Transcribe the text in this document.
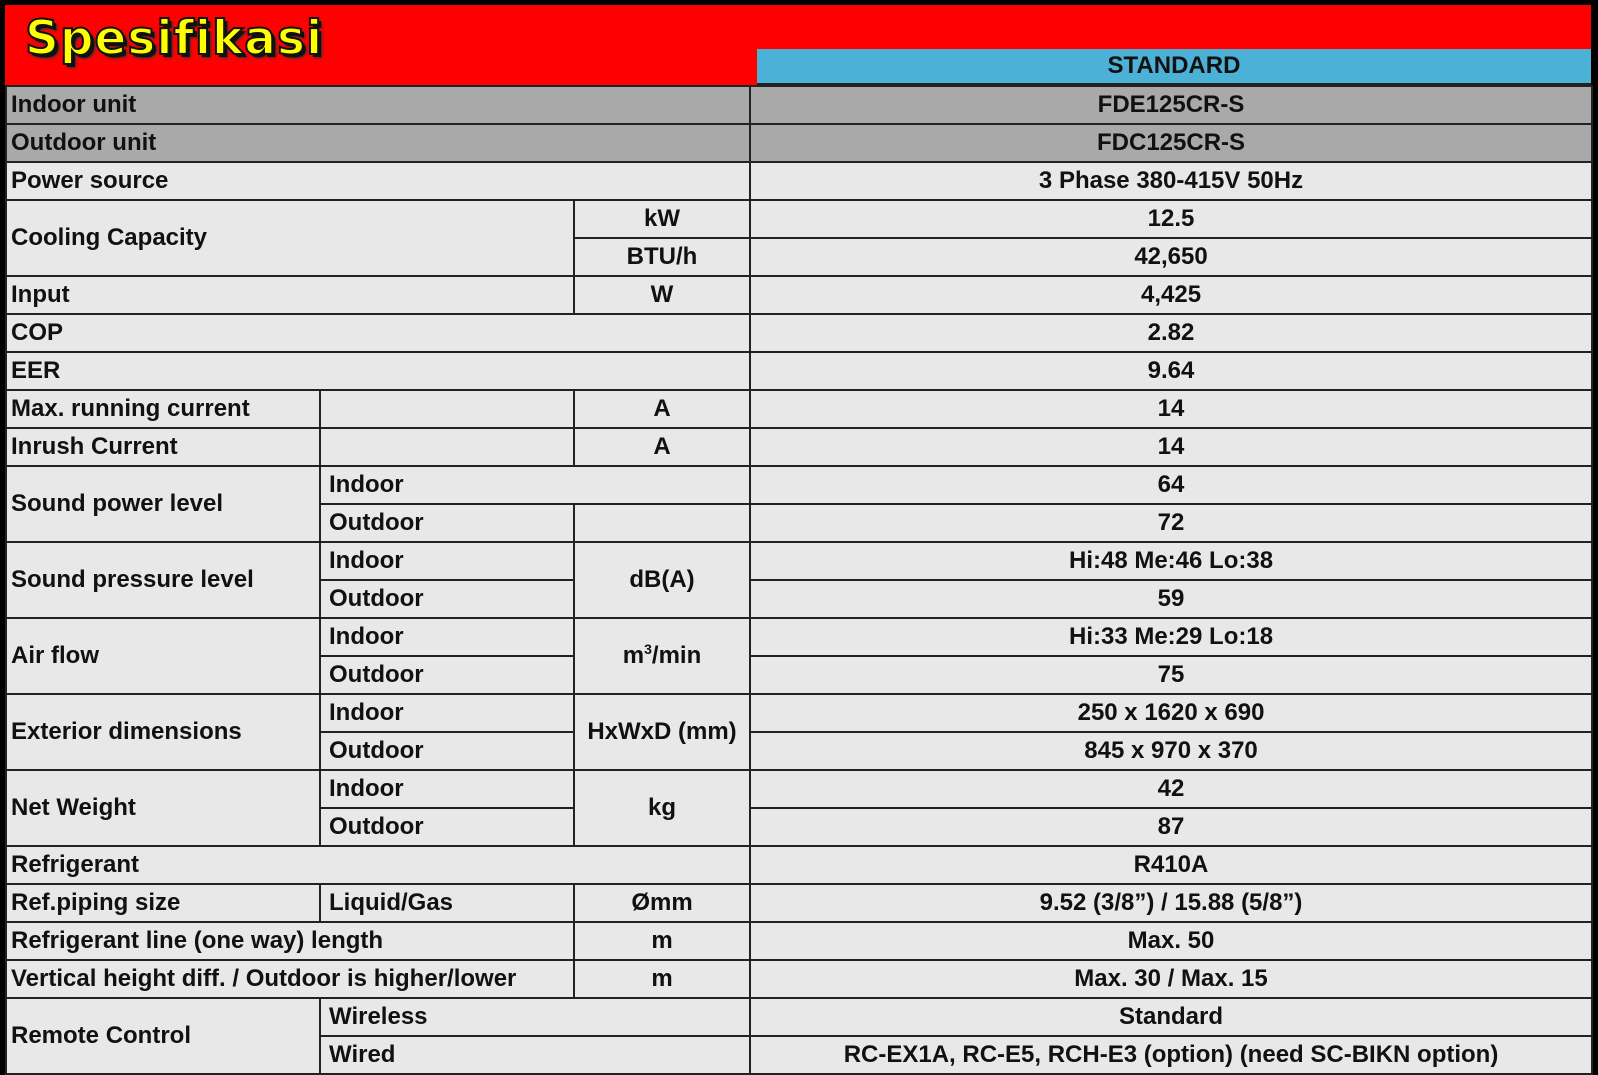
Spesifikasi	STANDARD
Indoor unit			FDE125CR-S
Outdoor unit			FDC125CR-S
Power source			3 Phase 380-415V 50Hz
Cooling Capacity		kW	12.5
		BTU/h	42,650
Input		W	4,425
COP			2.82
EER			9.64
Max. running current		A	14
Inrush Current		A	14
Sound power level	Indoor		64
	Outdoor		72
Sound pressure level	Indoor	dB(A)	Hi:48 Me:46 Lo:38
	Outdoor		59
Air flow	Indoor	$m^3/\min$	Hi:33 Me:29 Lo:18
	Outdoor		75
Exterior dimensions	Indoor	HxWxD (mm)	250 x 1620 x 690
	Outdoor		845 x 970 x 370
Net Weight	Indoor	kg	42
	Outdoor		87
Refrigerant			R410A
Ref.piping size	Liquid/Gas	Ømm	9.52 (3/8”) / 15.88 (5/8”)
Refrigerant line (one way) length		m	Max. 50
Vertical height diff. / Outdoor is higher/lower		m	Max. 30 / Max. 15
Remote Control	Wireless		Standard
	Wired		RC-EX1A, RC-E5, RCH-E3 (option) (need SC-BIKN option)
